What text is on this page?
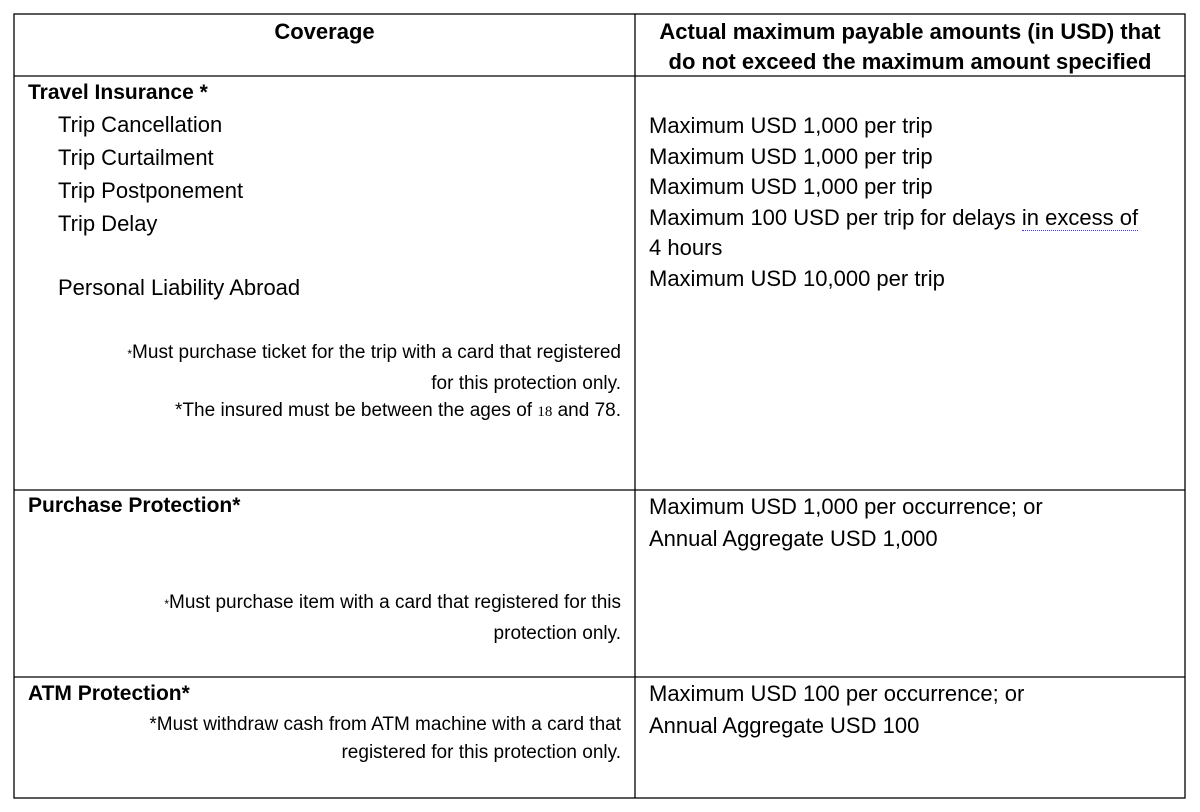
Coverage	Actual maximum payable amounts (in USD) that
do not exceed the maximum amount specified
Travel Insurance *
Trip Cancellation
Trip Curtailment
Trip Postponement
Trip Delay
Personal Liability Abroad
*Must purchase ticket for the trip with a card that registered
for this protection only.
*The insured must be between the ages of 18 and 78.
Maximum USD 1,000 per trip
Maximum USD 1,000 per trip
Maximum USD 1,000 per trip
Maximum 100 USD per trip for delays in excess of
4 hours
Maximum USD 10,000 per trip
Purchase Protection*
*Must purchase item with a card that registered for this
protection only.
Maximum USD 1,000 per occurrence; or
Annual Aggregate USD 1,000
ATM Protection*
*Must withdraw cash from ATM machine with a card that
registered for this protection only.
Maximum USD 100 per occurrence; or
Annual Aggregate USD 100
